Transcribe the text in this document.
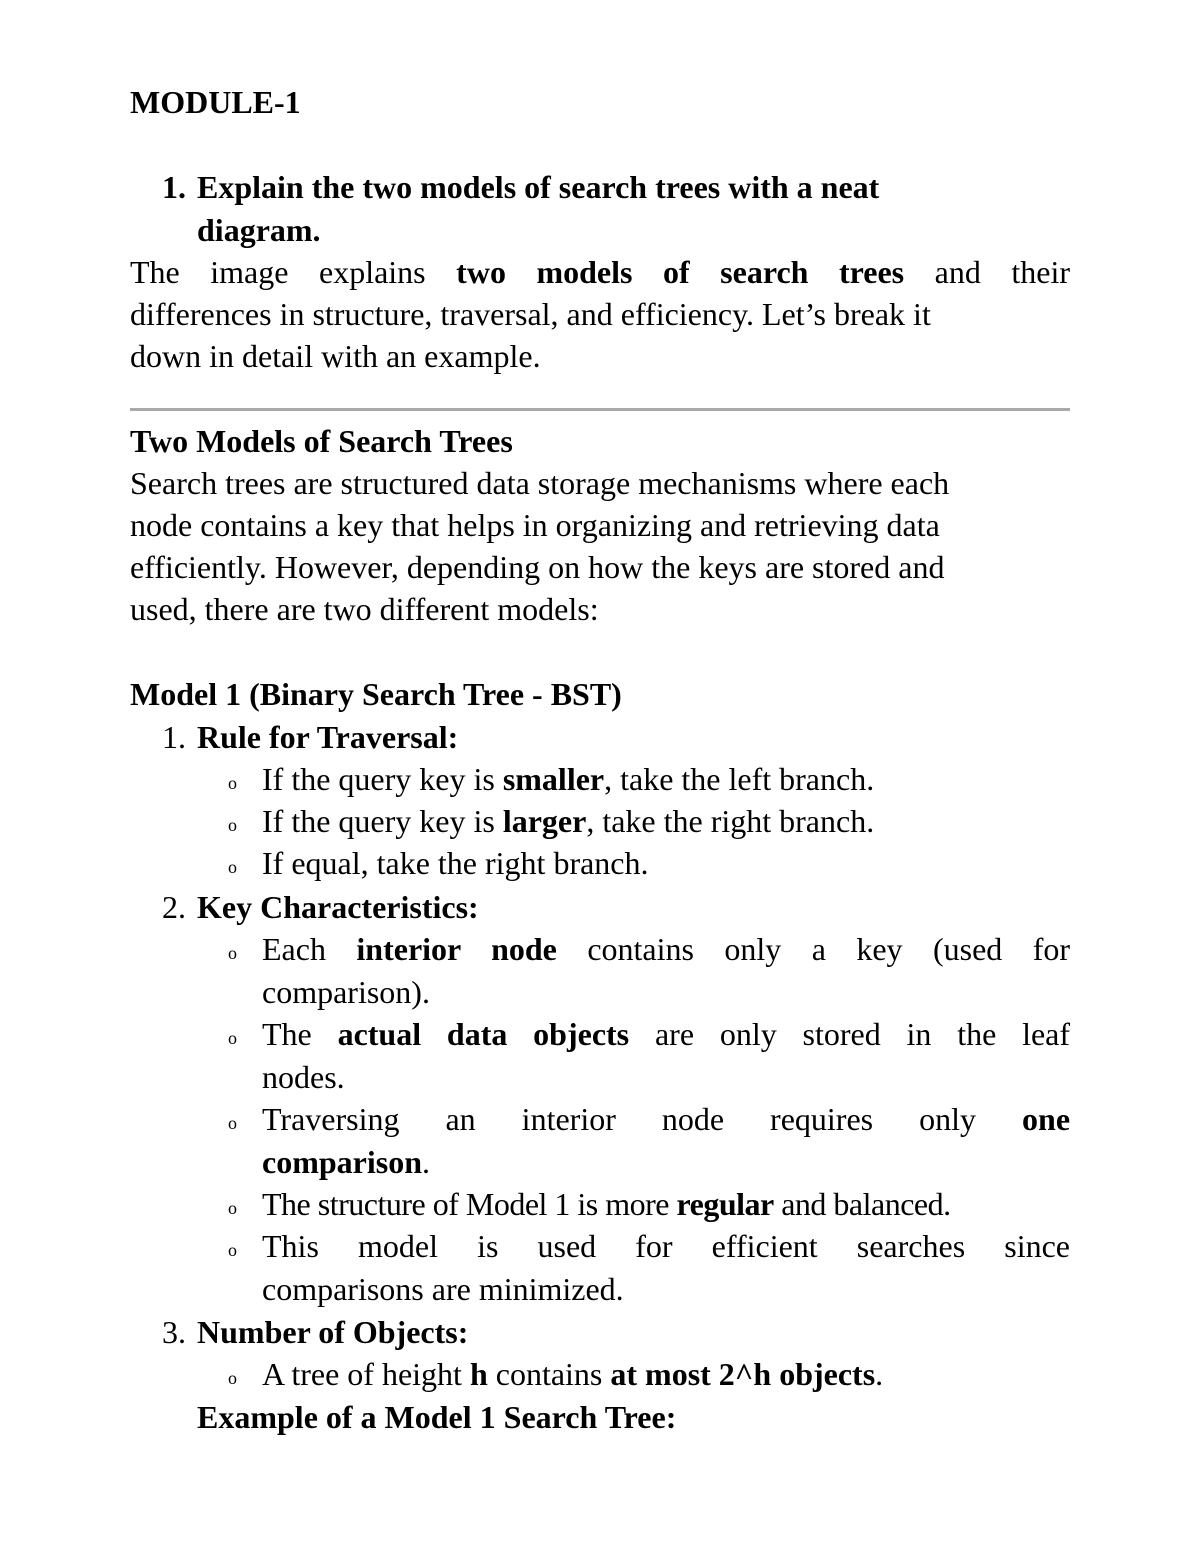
MODULE-1
1. Explain the two models of search trees with a neat
diagram.
The image explains two models of search trees and their
differences in structure, traversal, and efficiency. Let’s break it
down in detail with an example.
Two Models of Search Trees
Search trees are structured data storage mechanisms where each
node contains a key that helps in organizing and retrieving data
efficiently. However, depending on how the keys are stored and
used, there are two different models:
Model 1 (Binary Search Tree - BST)
1. Rule for Traversal:
o If the query key is smaller, take the left branch.
o If the query key is larger, take the right branch.
o If equal, take the right branch.
2. Key Characteristics:
o Each interior node contains only a key (used for
comparison).
o The actual data objects are only stored in the leaf
nodes.
o Traversing an interior node requires only one
comparison.
o The structure of Model 1 is more regular and balanced.
o This model is used for efficient searches since
comparisons are minimized.
3. Number of Objects:
o A tree of height h contains at most 2^h objects.
Example of a Model 1 Search Tree:
